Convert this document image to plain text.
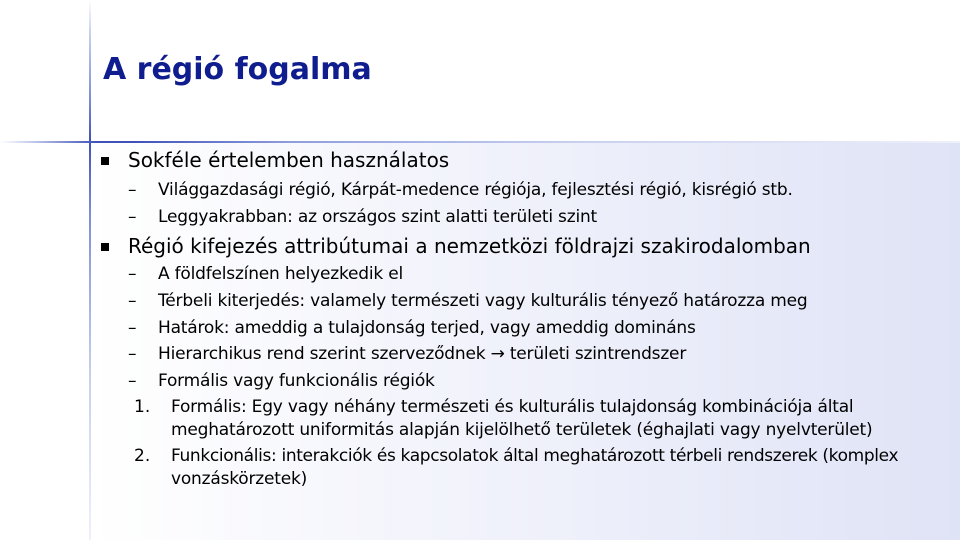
A régió fogalma
Sokféle értelemben használatos
– Világgazdasági régió, Kárpát-medence régiója, fejlesztési régió, kisrégió stb.
– Leggyakrabban: az országos szint alatti területi szint
Régió kifejezés attribútumai a nemzetközi földrajzi szakirodalomban
– A földfelszínen helyezkedik el
– Térbeli kiterjedés: valamely természeti vagy kulturális tényező határozza meg
– Határok: ameddig a tulajdonság terjed, vagy ameddig domináns
– Hierarchikus rend szerint szerveződnek → területi szintrendszer
– Formális vagy funkcionális régiók
1. Formális: Egy vagy néhány természeti és kulturális tulajdonság kombinációja által
meghatározott uniformitás alapján kijelölhető területek (éghajlati vagy nyelvterület)
2. Funkcionális: interakciók és kapcsolatok által meghatározott térbeli rendszerek (komplex
vonzáskörzetek)
